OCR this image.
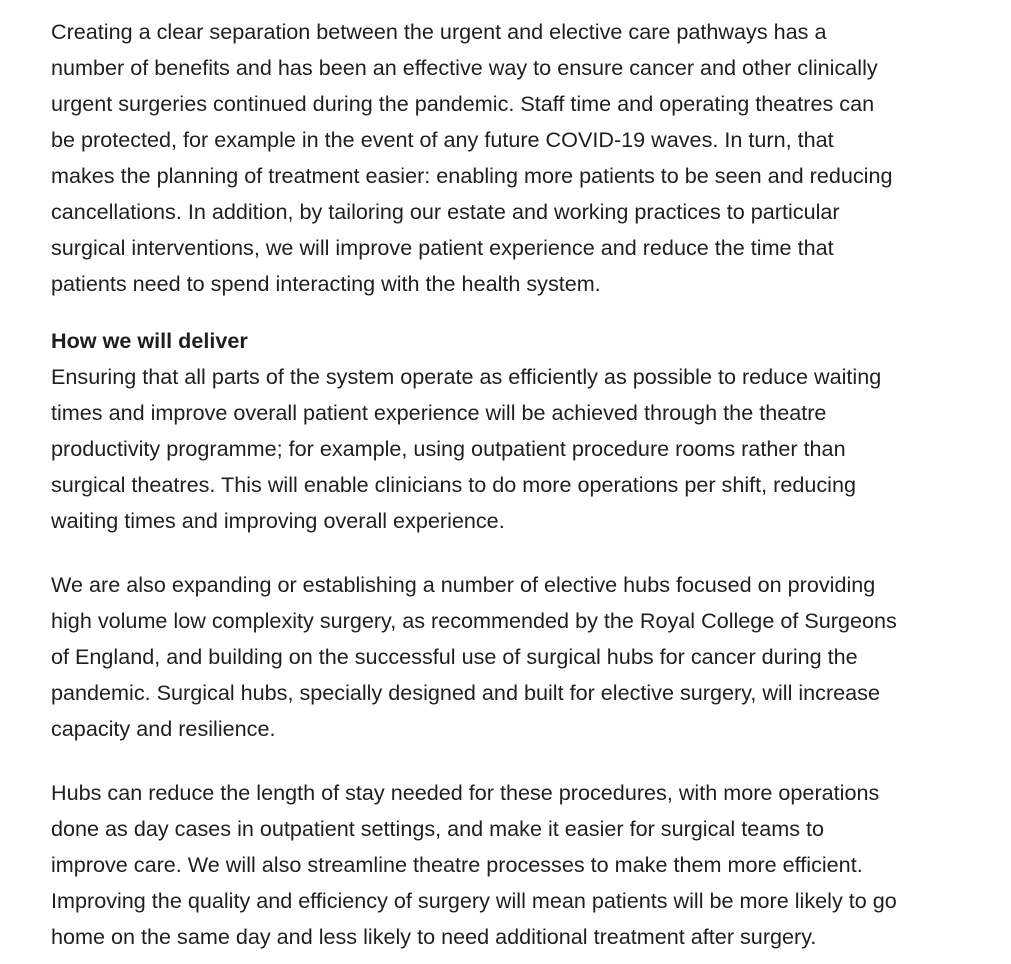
Creating a clear separation between the urgent and elective care pathways has a
number of benefits and has been an effective way to ensure cancer and other clinically
urgent surgeries continued during the pandemic. Staff time and operating theatres can
be protected, for example in the event of any future COVID-19 waves. In turn, that
makes the planning of treatment easier: enabling more patients to be seen and reducing
cancellations. In addition, by tailoring our estate and working practices to particular
surgical interventions, we will improve patient experience and reduce the time that
patients need to spend interacting with the health system.

How we will deliver

Ensuring that all parts of the system operate as efficiently as possible to reduce waiting
times and improve overall patient experience will be achieved through the theatre
productivity programme; for example, using outpatient procedure rooms rather than
surgical theatres. This will enable clinicians to do more operations per shift, reducing
waiting times and improving overall experience.

We are also expanding or establishing a number of elective hubs focused on providing
high volume low complexity surgery, as recommended by the Royal College of Surgeons
of England, and building on the successful use of surgical hubs for cancer during the
pandemic. Surgical hubs, specially designed and built for elective surgery, will increase
capacity and resilience.

Hubs can reduce the length of stay needed for these procedures, with more operations
done as day cases in outpatient settings, and make it easier for surgical teams to
improve care. We will also streamline theatre processes to make them more efficient.
Improving the quality and efficiency of surgery will mean patients will be more likely to go
home on the same day and less likely to need additional treatment after surgery.
